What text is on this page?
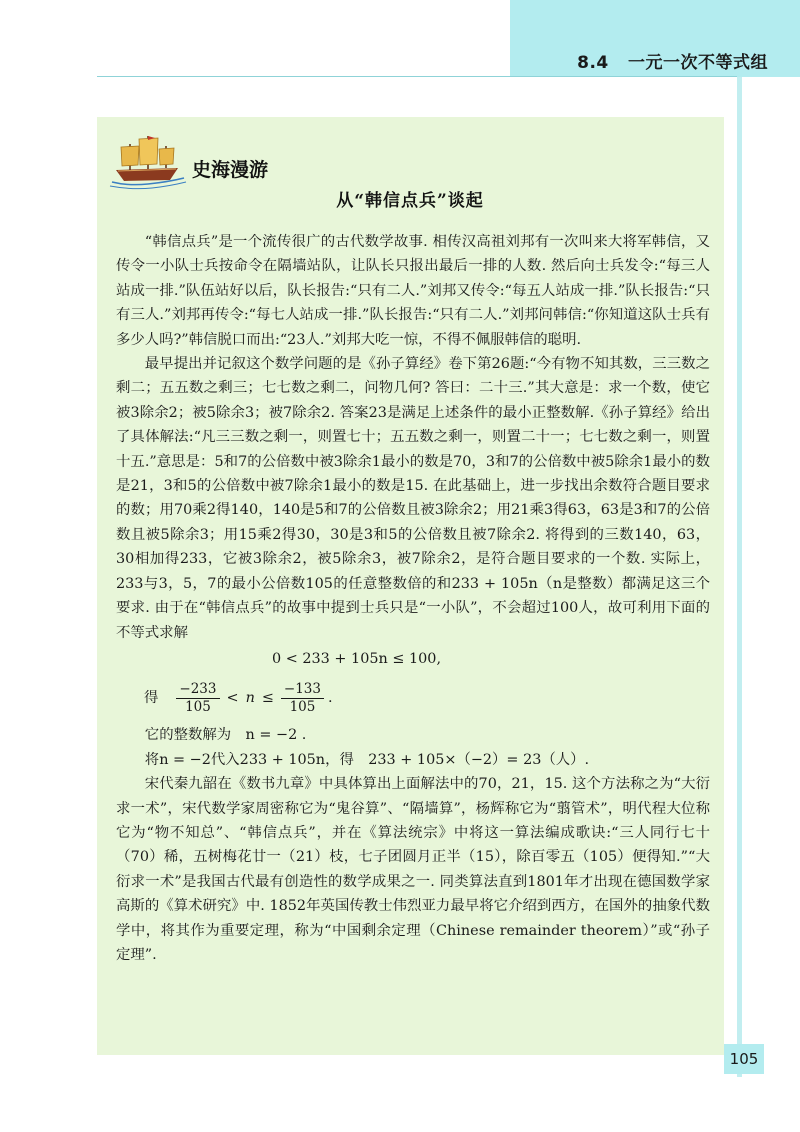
8.4 一元一次不等式组
史海漫游
从“韩信点兵”谈起

“韩信点兵”是一个流传很广的古代数学故事. 相传汉高祖刘邦有一次叫来大将军韩信，又传令一小队士兵按命令在隔墙站队，让队长只报出最后一排的人数. 然后向士兵发令:“每三人站成一排.”队伍站好以后，队长报告:“只有二人.”刘邦又传令:“每五人站成一排.”队长报告:“只有三人.”刘邦再传令:“每七人站成一排.”队长报告:“只有二人.”刘邦问韩信:“你知道这队士兵有多少人吗?”韩信脱口而出:“23人.”刘邦大吃一惊，不得不佩服韩信的聪明.

最早提出并记叙这个数学问题的是《孙子算经》卷下第26题:“今有物不知其数，三三数之剩二；五五数之剩三；七七数之剩二，问物几何? 答曰：二十三.”其大意是：求一个数，使它被3除余2；被5除余3；被7除余2. 答案23是满足上述条件的最小正整数解.《孙子算经》给出了具体解法:“凡三三数之剩一，则置七十；五五数之剩一，则置二十一；七七数之剩一，则置十五.”意思是：5和7的公倍数中被3除余1最小的数是70，3和7的公倍数中被5除余1最小的数是21，3和5的公倍数中被7除余1最小的数是15. 在此基础上，进一步找出余数符合题目要求的数；用70乘2得140，140是5和7的公倍数且被3除余2；用21乘3得63，63是3和7的公倍数且被5除余3；用15乘2得30，30是3和5的公倍数且被7除余2. 将得到的三数140，63，30相加得233，它被3除余2，被5除余3，被7除余2，是符合题目要求的一个数. 实际上，233与3，5，7的最小公倍数105的任意整数倍的和233 + 105n（n是整数）都满足这三个要求. 由于在“韩信点兵”的故事中提到士兵只是“一小队”，不会超过100人，故可利用下面的不等式求解

0 < 233 + 105n ≤ 100,

得 $\frac{-233}{105} < n \le \frac{-133}{105}$ .

它的整数解为　n = −2 .

将n = −2代入233 + 105n，得　233 + 105×（−2）= 23（人）.

宋代秦九韶在《数书九章》中具体算出上面解法中的70，21，15. 这个方法称之为“大衍求一术”，宋代数学家周密称它为“鬼谷算”、“隔墙算”，杨辉称它为“翦管术”，明代程大位称它为“物不知总”、“韩信点兵”，并在《算法统宗》中将这一算法编成歌诀:“三人同行七十（70）稀，五树梅花廿一（21）枝，七子团圆月正半（15），除百零五（105）便得知.”“大衍求一术”是我国古代最有创造性的数学成果之一. 同类算法直到1801年才出现在德国数学家高斯的《算术研究》中. 1852年英国传教士伟烈亚力最早将它介绍到西方，在国外的抽象代数学中，将其作为重要定理，称为“中国剩余定理（Chinese remainder theorem）”或“孙子定理”.

105
